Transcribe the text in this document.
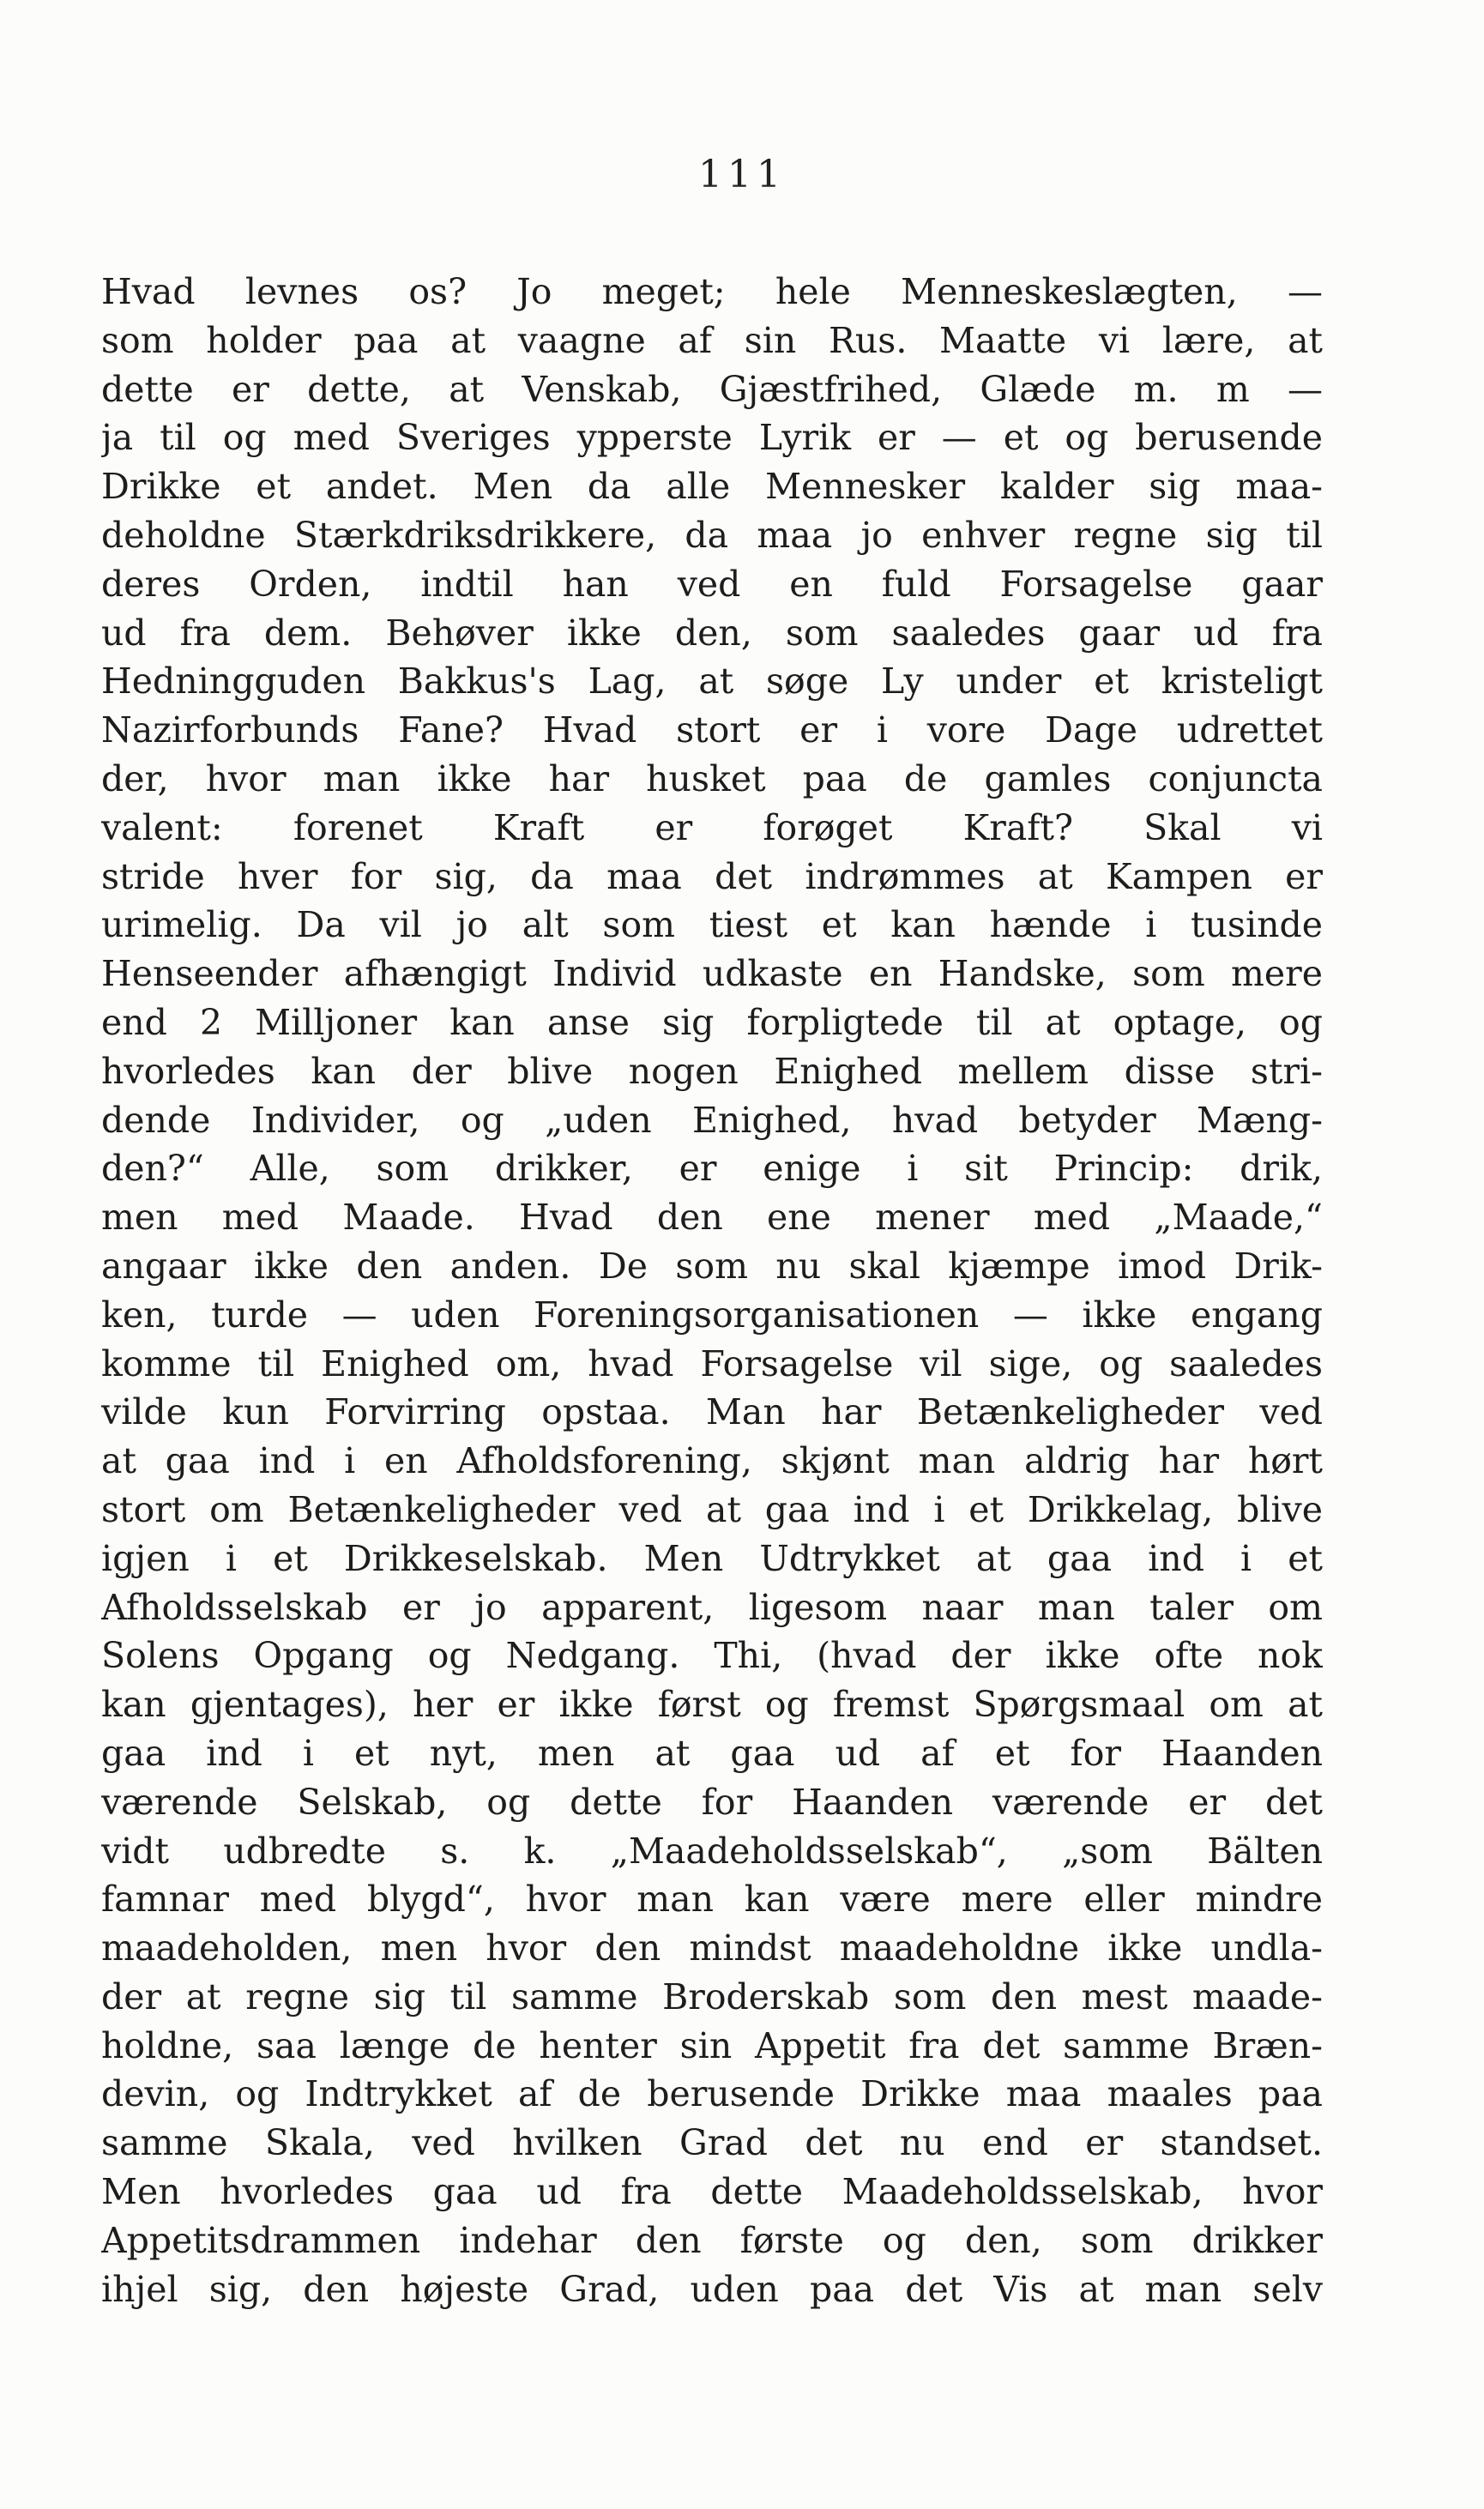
111
Hvad levnes os? Jo meget; hele Menneskeslægten, —
som holder paa at vaagne af sin Rus. Maatte vi lære, at
dette er dette, at Venskab, Gjæstfrihed, Glæde m. m —
ja til og med Sveriges ypperste Lyrik er — et og berusende
Drikke et andet. Men da alle Mennesker kalder sig maa-
deholdne Stærkdriksdrikkere, da maa jo enhver regne sig til
deres Orden, indtil han ved en fuld Forsagelse gaar
ud fra dem. Behøver ikke den, som saaledes gaar ud fra
Hedningguden Bakkus's Lag, at søge Ly under et kristeligt
Nazirforbunds Fane? Hvad stort er i vore Dage udrettet
der, hvor man ikke har husket paa de gamles conjuncta
valent: forenet Kraft er forøget Kraft? Skal vi
stride hver for sig, da maa det indrømmes at Kampen er
urimelig. Da vil jo alt som tiest et kan hænde i tusinde
Henseender afhængigt Individ udkaste en Handske, som mere
end 2 Milljoner kan anse sig forpligtede til at optage, og
hvorledes kan der blive nogen Enighed mellem disse stri-
dende Individer, og „uden Enighed, hvad betyder Mæng-
den?“ Alle, som drikker, er enige i sit Princip: drik,
men med Maade. Hvad den ene mener med „Maade,“
angaar ikke den anden. De som nu skal kjæmpe imod Drik-
ken, turde — uden Foreningsorganisationen — ikke engang
komme til Enighed om, hvad Forsagelse vil sige, og saaledes
vilde kun Forvirring opstaa. Man har Betænkeligheder ved
at gaa ind i en Afholdsforening, skjønt man aldrig har hørt
stort om Betænkeligheder ved at gaa ind i et Drikkelag, blive
igjen i et Drikkeselskab. Men Udtrykket at gaa ind i et
Afholdsselskab er jo apparent, ligesom naar man taler om
Solens Opgang og Nedgang. Thi, (hvad der ikke ofte nok
kan gjentages), her er ikke først og fremst Spørgsmaal om at
gaa ind i et nyt, men at gaa ud af et for Haanden
værende Selskab, og dette for Haanden værende er det
vidt udbredte s. k. „Maadeholdsselskab“, „som Bälten
famnar med blygd“, hvor man kan være mere eller mindre
maadeholden, men hvor den mindst maadeholdne ikke undla-
der at regne sig til samme Broderskab som den mest maade-
holdne, saa længe de henter sin Appetit fra det samme Bræn-
devin, og Indtrykket af de berusende Drikke maa maales paa
samme Skala, ved hvilken Grad det nu end er standset.
Men hvorledes gaa ud fra dette Maadeholdsselskab, hvor
Appetitsdrammen indehar den første og den, som drikker
ihjel sig, den højeste Grad, uden paa det Vis at man selv
